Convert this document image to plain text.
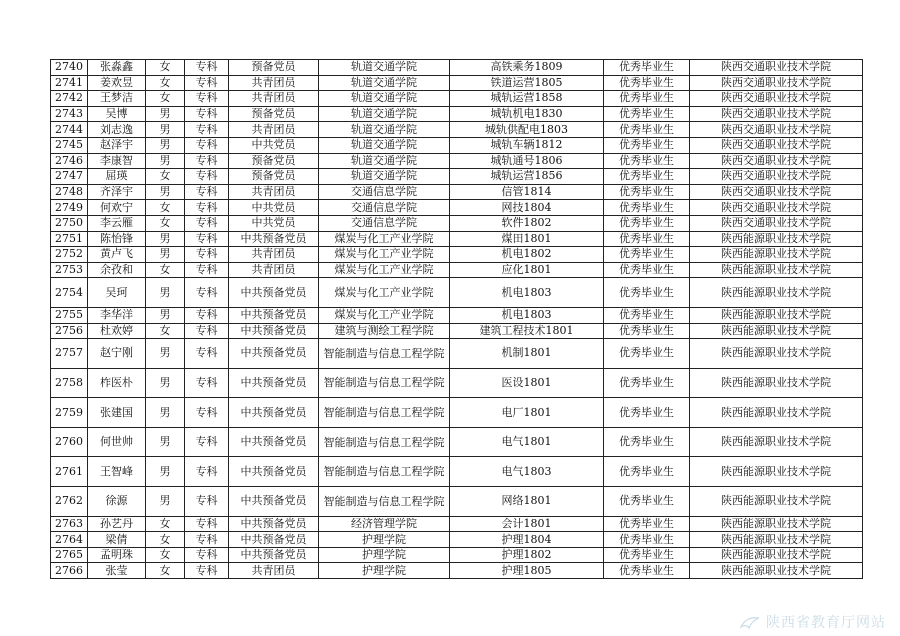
2740	张淼鑫	女	专科	预备党员	轨道交通学院	高铁乘务1809	优秀毕业生	陕西交通职业技术学院
2741	姜欢昱	女	专科	共青团员	轨道交通学院	铁道运营1805	优秀毕业生	陕西交通职业技术学院
2742	王梦洁	女	专科	共青团员	轨道交通学院	城轨运营1858	优秀毕业生	陕西交通职业技术学院
2743	吴博	男	专科	预备党员	轨道交通学院	城轨机电1830	优秀毕业生	陕西交通职业技术学院
2744	刘志逸	男	专科	共青团员	轨道交通学院	城轨供配电1803	优秀毕业生	陕西交通职业技术学院
2745	赵泽宇	男	专科	中共党员	轨道交通学院	城轨车辆1812	优秀毕业生	陕西交通职业技术学院
2746	李康智	男	专科	预备党员	轨道交通学院	城轨通号1806	优秀毕业生	陕西交通职业技术学院
2747	屈瑛	女	专科	预备党员	轨道交通学院	城轨运营1856	优秀毕业生	陕西交通职业技术学院
2748	齐泽宇	男	专科	共青团员	交通信息学院	信管1814	优秀毕业生	陕西交通职业技术学院
2749	何欢宁	女	专科	中共党员	交通信息学院	网技1804	优秀毕业生	陕西交通职业技术学院
2750	李云雁	女	专科	中共党员	交通信息学院	软件1802	优秀毕业生	陕西交通职业技术学院
2751	陈怡锋	男	专科	中共预备党员	煤炭与化工产业学院	煤田1801	优秀毕业生	陕西能源职业技术学院
2752	黄卢飞	男	专科	共青团员	煤炭与化工产业学院	机电1802	优秀毕业生	陕西能源职业技术学院
2753	余孜和	女	专科	共青团员	煤炭与化工产业学院	应化1801	优秀毕业生	陕西能源职业技术学院
2754	吴珂	男	专科	中共预备党员	煤炭与化工产业学院	机电1803	优秀毕业生	陕西能源职业技术学院
2755	李华洋	男	专科	中共预备党员	煤炭与化工产业学院	机电1803	优秀毕业生	陕西能源职业技术学院
2756	杜欢婷	女	专科	中共预备党员	建筑与测绘工程学院	建筑工程技术1801	优秀毕业生	陕西能源职业技术学院
2757	赵宁刚	男	专科	中共预备党员	智能制造与信息工程学院	机制1801	优秀毕业生	陕西能源职业技术学院
2758	柞医朴	男	专科	中共预备党员	智能制造与信息工程学院	医设1801	优秀毕业生	陕西能源职业技术学院
2759	张建国	男	专科	中共预备党员	智能制造与信息工程学院	电厂1801	优秀毕业生	陕西能源职业技术学院
2760	何世帅	男	专科	中共预备党员	智能制造与信息工程学院	电气1801	优秀毕业生	陕西能源职业技术学院
2761	王智峰	男	专科	中共预备党员	智能制造与信息工程学院	电气1803	优秀毕业生	陕西能源职业技术学院
2762	徐源	男	专科	中共预备党员	智能制造与信息工程学院	网络1801	优秀毕业生	陕西能源职业技术学院
2763	孙艺丹	女	专科	中共预备党员	经济管理学院	会计1801	优秀毕业生	陕西能源职业技术学院
2764	梁倩	女	专科	中共预备党员	护理学院	护理1804	优秀毕业生	陕西能源职业技术学院
2765	孟明珠	女	专科	中共预备党员	护理学院	护理1802	优秀毕业生	陕西能源职业技术学院
2766	张莹	女	专科	共青团员	护理学院	护理1805	优秀毕业生	陕西能源职业技术学院
陕西省教育厅网站
